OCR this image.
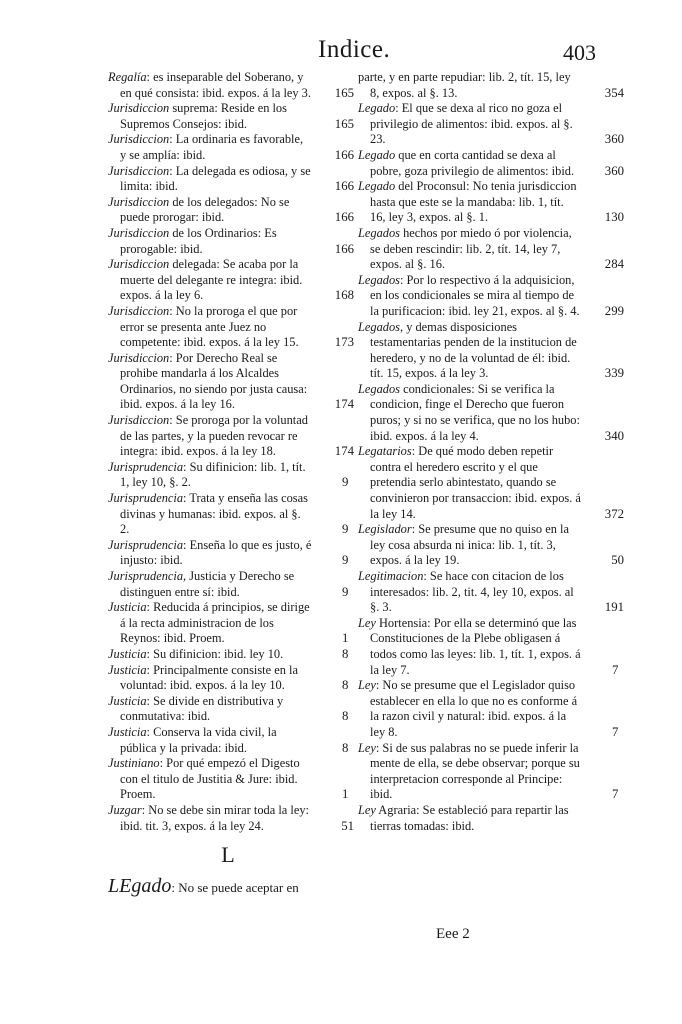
Indice.	403
Regalía: es inseparable del Soberano, y en qué consista: ibid. expos. á la ley 3. 165
Jurisdiccion suprema: Reside en los Supremos Consejos: ibid.	165
Jurisdiccion: La ordinaria es favorable, y se amplía: ibid.	166
Jurisdiccion: La delegada es odiosa, y se limita: ibid.	166
Jurisdiccion de los delegados: No se puede prorogar: ibid.	166
Jurisdiccion de los Ordinarios: Es prorogable: ibid.	166
Jurisdiccion delegada: Se acaba por la muerte del delegante re integra: ibid. expos. á la ley 6.	168
Jurisdiccion: No la proroga el que por error se presenta ante Juez no competente: ibid. expos. á la ley 15.	173
Jurisdiccion: Por Derecho Real se prohibe mandarla á los Alcaldes Ordinarios, no siendo por justa causa: ibid. expos. á la ley 16.	174
Jurisdiccion: Se proroga por la voluntad de las partes, y la pueden revocar re integra: ibid. expos. á la ley 18.	174
Jurisprudencia: Su difinicion: lib. 1, tít. 1, ley 10, §. 2.	9
Jurisprudencia: Trata y enseña las cosas divinas y humanas: ibid. expos. al §. 2.	9
Jurisprudencia: Enseña lo que es justo, é injusto: ibid.	9
Jurisprudencia, Justicia y Derecho se distinguen entre sí: ibid.	9
Justicia: Reducida á principios, se dirige á la recta administracion de los Reynos: ibid. Proem.	1
Justicia: Su difinicion: ibid. ley 10.	8
Justicia: Principalmente consiste en la voluntad: ibid. expos. á la ley 10.	8
Justicia: Se divide en distributiva y conmutativa: ibid.	8
Justicia: Conserva la vida civil, la pública y la privada: ibid.	8
Justiniano: Por qué empezó el Digesto con el titulo de Justitia & Jure: ibid. Proem.	1
Juzgar: No se debe sin mirar toda la ley: ibid. tit. 3, expos. á la ley 24.	51
L
LEgado: No se puede aceptar en
parte, y en parte repudiar: lib. 2, tít. 15, ley 8, expos. al §. 13.	354
Legado: El que se dexa al rico no goza el privilegio de alimentos: ibid. expos. al §. 23.	360
Legado que en corta cantidad se dexa al pobre, goza privilegio de alimentos: ibid. 360
Legado del Proconsul: No tenia jurisdiccion hasta que este se la mandaba: lib. 1, tít. 16, ley 3, expos. al §. 1.	130
Legados hechos por miedo ó por violencia, se deben rescindir: lib. 2, tít. 14, ley 7, expos. al §. 16.	284
Legados: Por lo respectivo á la adquisicion, en los condicionales se mira al tiempo de la purificacion: ibid. ley 21, expos. al §. 4. 299
Legados, y demas disposiciones testamentarias penden de la institucion de heredero, y no de la voluntad de él: ibid. tít. 15, expos. á la ley 3.	339
Legados condicionales: Si se verifica la condicion, finge el Derecho que fueron puros; y si no se verifica, que no los hubo: ibid. expos. á la ley 4.	340
Legatarios: De qué modo deben repetir contra el heredero escrito y el que pretendia serlo abintestato, quando se convinieron por transaccion: ibid. expos. á la ley 14.	372
Legislador: Se presume que no quiso en la ley cosa absurda ni inica: lib. 1, tít. 3, expos. á la ley 19.	50
Legitimacion: Se hace con citacion de los interesados: lib. 2, tit. 4, ley 10, expos. al §. 3.	191
Ley Hortensia: Por ella se determinó que las Constituciones de la Plebe obligasen á todos como las leyes: lib. 1, tít. 1, expos. á la ley 7.	7
Ley: No se presume que el Legislador quiso establecer en ella lo que no es conforme á la razon civil y natural: ibid. expos. á la ley 8.	7
Ley: Si de sus palabras no se puede inferir la mente de ella, se debe observar; porque su interpretacion corresponde al Principe: ibid.	7
Ley Agraria: Se estableció para repartir las tierras tomadas: ibid.
Eee 2
